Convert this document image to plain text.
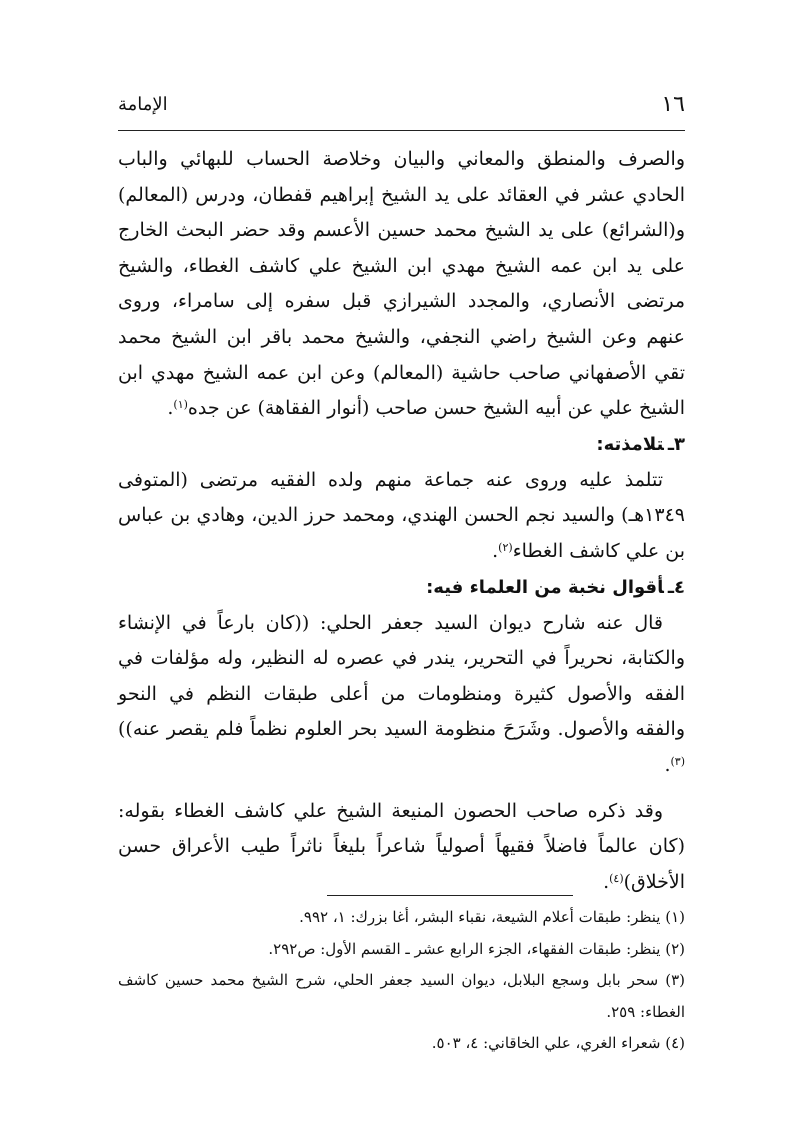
١٦
الإمامة

والصرف والمنطق والمعاني والبيان وخلاصة الحساب للبهائي والباب الحادي عشر في العقائد على يد الشيخ إبراهيم قفطان، ودرس (المعالم) و(الشرائع) على يد الشيخ محمد حسين الأعسم وقد حضر البحث الخارج على يد ابن عمه الشيخ مهدي ابن الشيخ علي كاشف الغطاء، والشيخ مرتضى الأنصاري، والمجدد الشيرازي قبل سفره إلى سامراء، وروى عنهم وعن الشيخ راضي النجفي، والشيخ محمد باقر ابن الشيخ محمد تقي الأصفهاني صاحب حاشية (المعالم) وعن ابن عمه الشيخ مهدي ابن الشيخ علي عن أبيه الشيخ حسن صاحب (أنوار الفقاهة) عن جده$^{(١)}$.

٣ـتلامذته:

تتلمذ عليه وروى عنه جماعة منهم ولده الفقيه مرتضى (المتوفى ١٣٤٩هـ) والسيد نجم الحسن الهندي، ومحمد حرز الدين، وهادي بن عباس بن علي كاشف الغطاء$^{(٢)}$.

٤ـأقوال نخبة من العلماء فيه:

قال عنه شارح ديوان السيد جعفر الحلي: ((كان بارعاً في الإنشاء والكتابة، نحريراً في التحرير، يندر في عصره له النظير، وله مؤلفات في الفقه والأصول كثيرة ومنظومات من أعلى طبقات النظم في النحو والفقه والأصول. وشَرَحَ منظومة السيد بحر العلوم نظماً فلم يقصر عنه))$^{(٣)}$.

وقد ذكره صاحب الحصون المنيعة الشيخ علي كاشف الغطاء بقوله: (كان عالماً فاضلاً فقيهاً أصولياً شاعراً بليغاً ناثراً طيب الأعراق حسن الأخلاق)$^{(٤)}$.

(١) ينظر: طبقات أعلام الشيعة، نقباء البشر، أغا بزرك: ١، ٩٩٢.

(٢) ينظر: طبقات الفقهاء، الجزء الرابع عشر ـ القسم الأول: ص٢٩٢.

(٣) سحر بابل وسجع البلابل، ديوان السيد جعفر الحلي، شرح الشيخ محمد حسين كاشف الغطاء: ٢٥٩.

(٤) شعراء الغري، علي الخاقاني: ٤، ٥٠٣.
